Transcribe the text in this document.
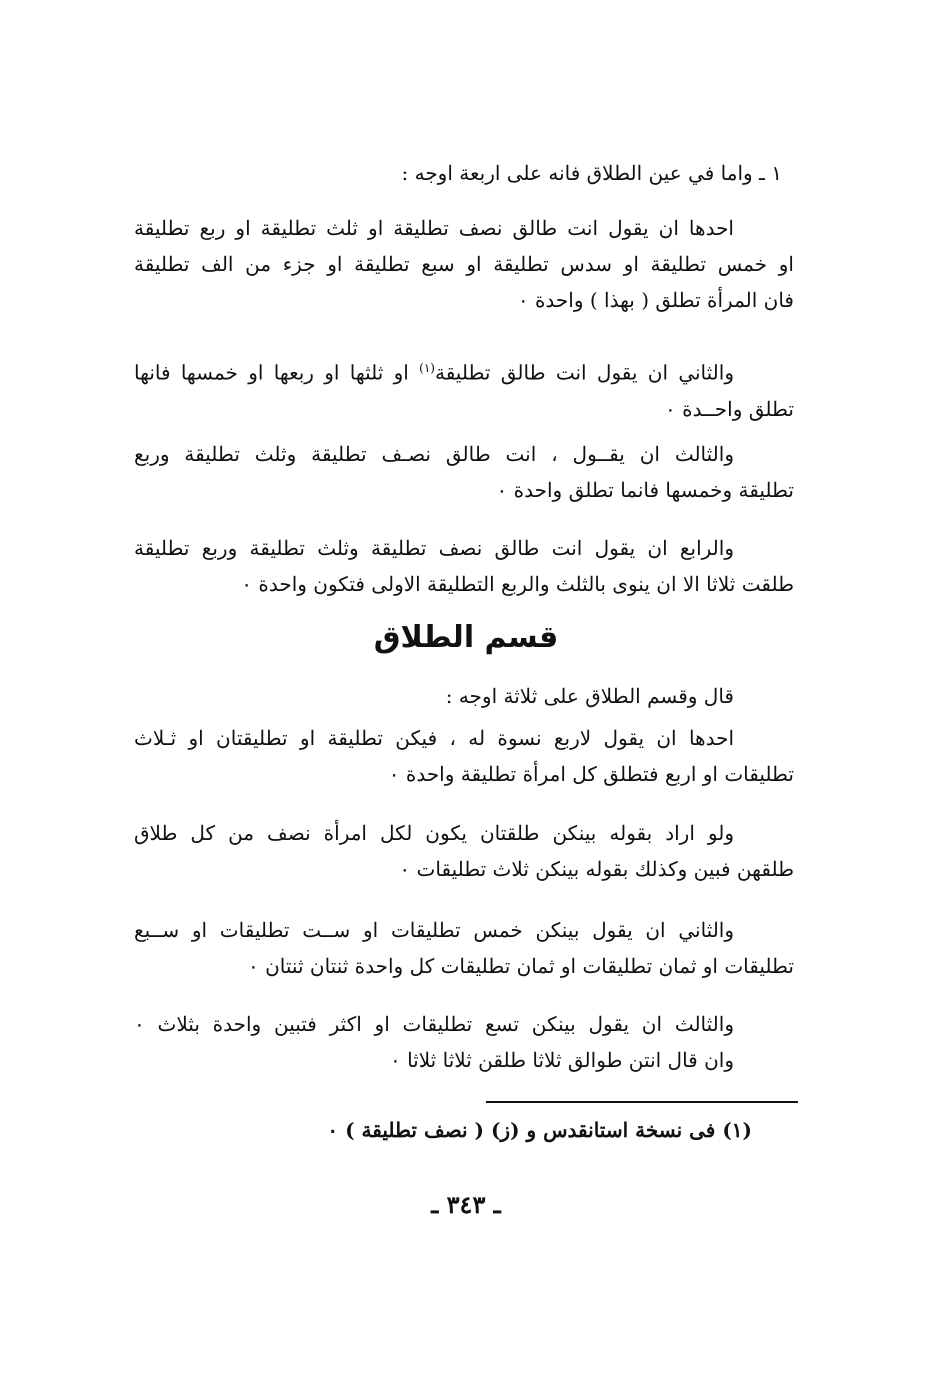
١ ـ واما في عين الطلاق فانه على اربعة اوجه :
احدها ان يقول انت طالق نصف تطليقة او ثلث تطليقة او ربع تطليقة
او خمس تطليقة او سدس تطليقة او سبع تطليقة او جزء من الف تطليقة
فان المرأة تطلق ( بهذا ) واحدة ٠
والثاني ان يقول انت طالق تطليقة$^{(١)}$ او ثلثها او ربعها او خمسها فانها
تطلق واحــدة ٠
والثالث ان يقــول ، انت طالق نصـف تطليقة وثلث تطليقة وربع
تطليقة وخمسها فانما تطلق واحدة ٠
والرابع ان يقول انت طالق نصف تطليقة وثلث تطليقة وربع تطليقة
طلقت ثلاثا الا ان ينوى بالثلث والربع التطليقة الاولى فتكون واحدة ٠
قسم الطلاق
قال وقسم الطلاق على ثلاثة اوجه :
احدها ان يقول لاربع نسوة له ، فيكن تطليقة او تطليقتان او ثـلاث
تطليقات او اربع فتطلق كل امرأة تطليقة واحدة ٠
ولو اراد بقوله بينكن طلقتان يكون لكل امرأة نصف من كل طلاق
طلقهن فبين وكذلك بقوله بينكن ثلاث تطليقات ٠
والثاني ان يقول بينكن خمس تطليقات او ســت تطليقات او ســبع
تطليقات او ثمان تطليقات او ثمان تطليقات كل واحدة ثنتان ثنتان ٠
والثالث ان يقول بينكن تسع تطليقات او اكثر فتبين واحدة بثلاث ٠
وان قال انتن طوالق ثلاثا طلقن ثلاثا ثلاثا ٠
(١) فى نسخة استانقدس و (ز) ( نصف تطليقة ) ٠
ـ ٣٤٣ ـ
